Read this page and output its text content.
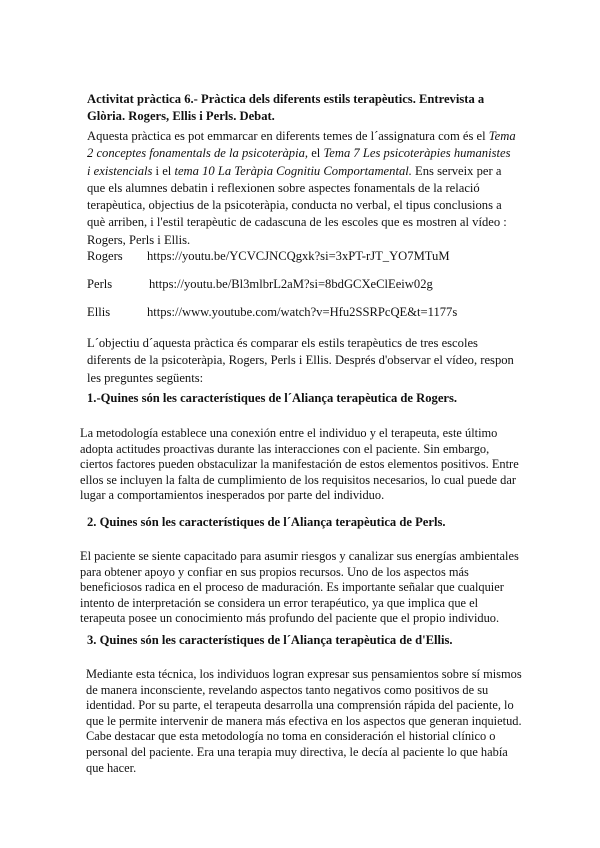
Activitat pràctica 6.- Pràctica dels diferents estils terapèutics. Entrevista a Glòria. Rogers, Ellis i Perls. Debat.
Aquesta pràctica es pot emmarcar en diferents temes de l´assignatura com és el Tema 2 conceptes fonamentals de la psicoteràpia, el Tema 7 Les psicoteràpies humanistes i existencials i el tema 10 La Teràpia Cognitiu Comportamental. Ens serveix per a que els alumnes debatin i reflexionen sobre aspectes fonamentals de la relació terapèutica, objectius de la psicoteràpia, conducta no verbal, el tipus conclusions a què arriben, i l'estil terapèutic de cadascuna de les escoles que es mostren al vídeo : Rogers, Perls i Ellis.
Rogers https://youtu.be/YCVCJNCQgxk?si=3xPT-rJT_YO7MTuM
Perls	https://youtu.be/Bl3mlbrL2aM?si=8bdGCXeClEeiw02g
Ellis	https://www.youtube.com/watch?v=Hfu2SSRPcQE&t=1177s
L´objectiu d´aquesta pràctica és comparar els estils terapèutics de tres escoles diferents de la psicoteràpia, Rogers, Perls i Ellis. Després d'observar el vídeo, respon les preguntes següents:
1.-Quines són les característiques de l´Aliança terapèutica de Rogers.
La metodología establece una conexión entre el individuo y el terapeuta, este último adopta actitudes proactivas durante las interacciones con el paciente. Sin embargo, ciertos factores pueden obstaculizar la manifestación de estos elementos positivos. Entre ellos se incluyen la falta de cumplimiento de los requisitos necesarios, lo cual puede dar lugar a comportamientos inesperados por parte del individuo.
2. Quines són les característiques de l´Aliança terapèutica de Perls.
El paciente se siente capacitado para asumir riesgos y canalizar sus energías ambientales para obtener apoyo y confiar en sus propios recursos. Uno de los aspectos más beneficiosos radica en el proceso de maduración. Es importante señalar que cualquier intento de interpretación se considera un error terapéutico, ya que implica que el terapeuta posee un conocimiento más profundo del paciente que el propio individuo.
3. Quines són les característiques de l´Aliança terapèutica de d'Ellis.
Mediante esta técnica, los individuos logran expresar sus pensamientos sobre sí mismos de manera inconsciente, revelando aspectos tanto negativos como positivos de su identidad. Por su parte, el terapeuta desarrolla una comprensión rápida del paciente, lo que le permite intervenir de manera más efectiva en los aspectos que generan inquietud. Cabe destacar que esta metodología no toma en consideración el historial clínico o personal del paciente. Era una terapia muy directiva, le decía al paciente lo que había que hacer.
